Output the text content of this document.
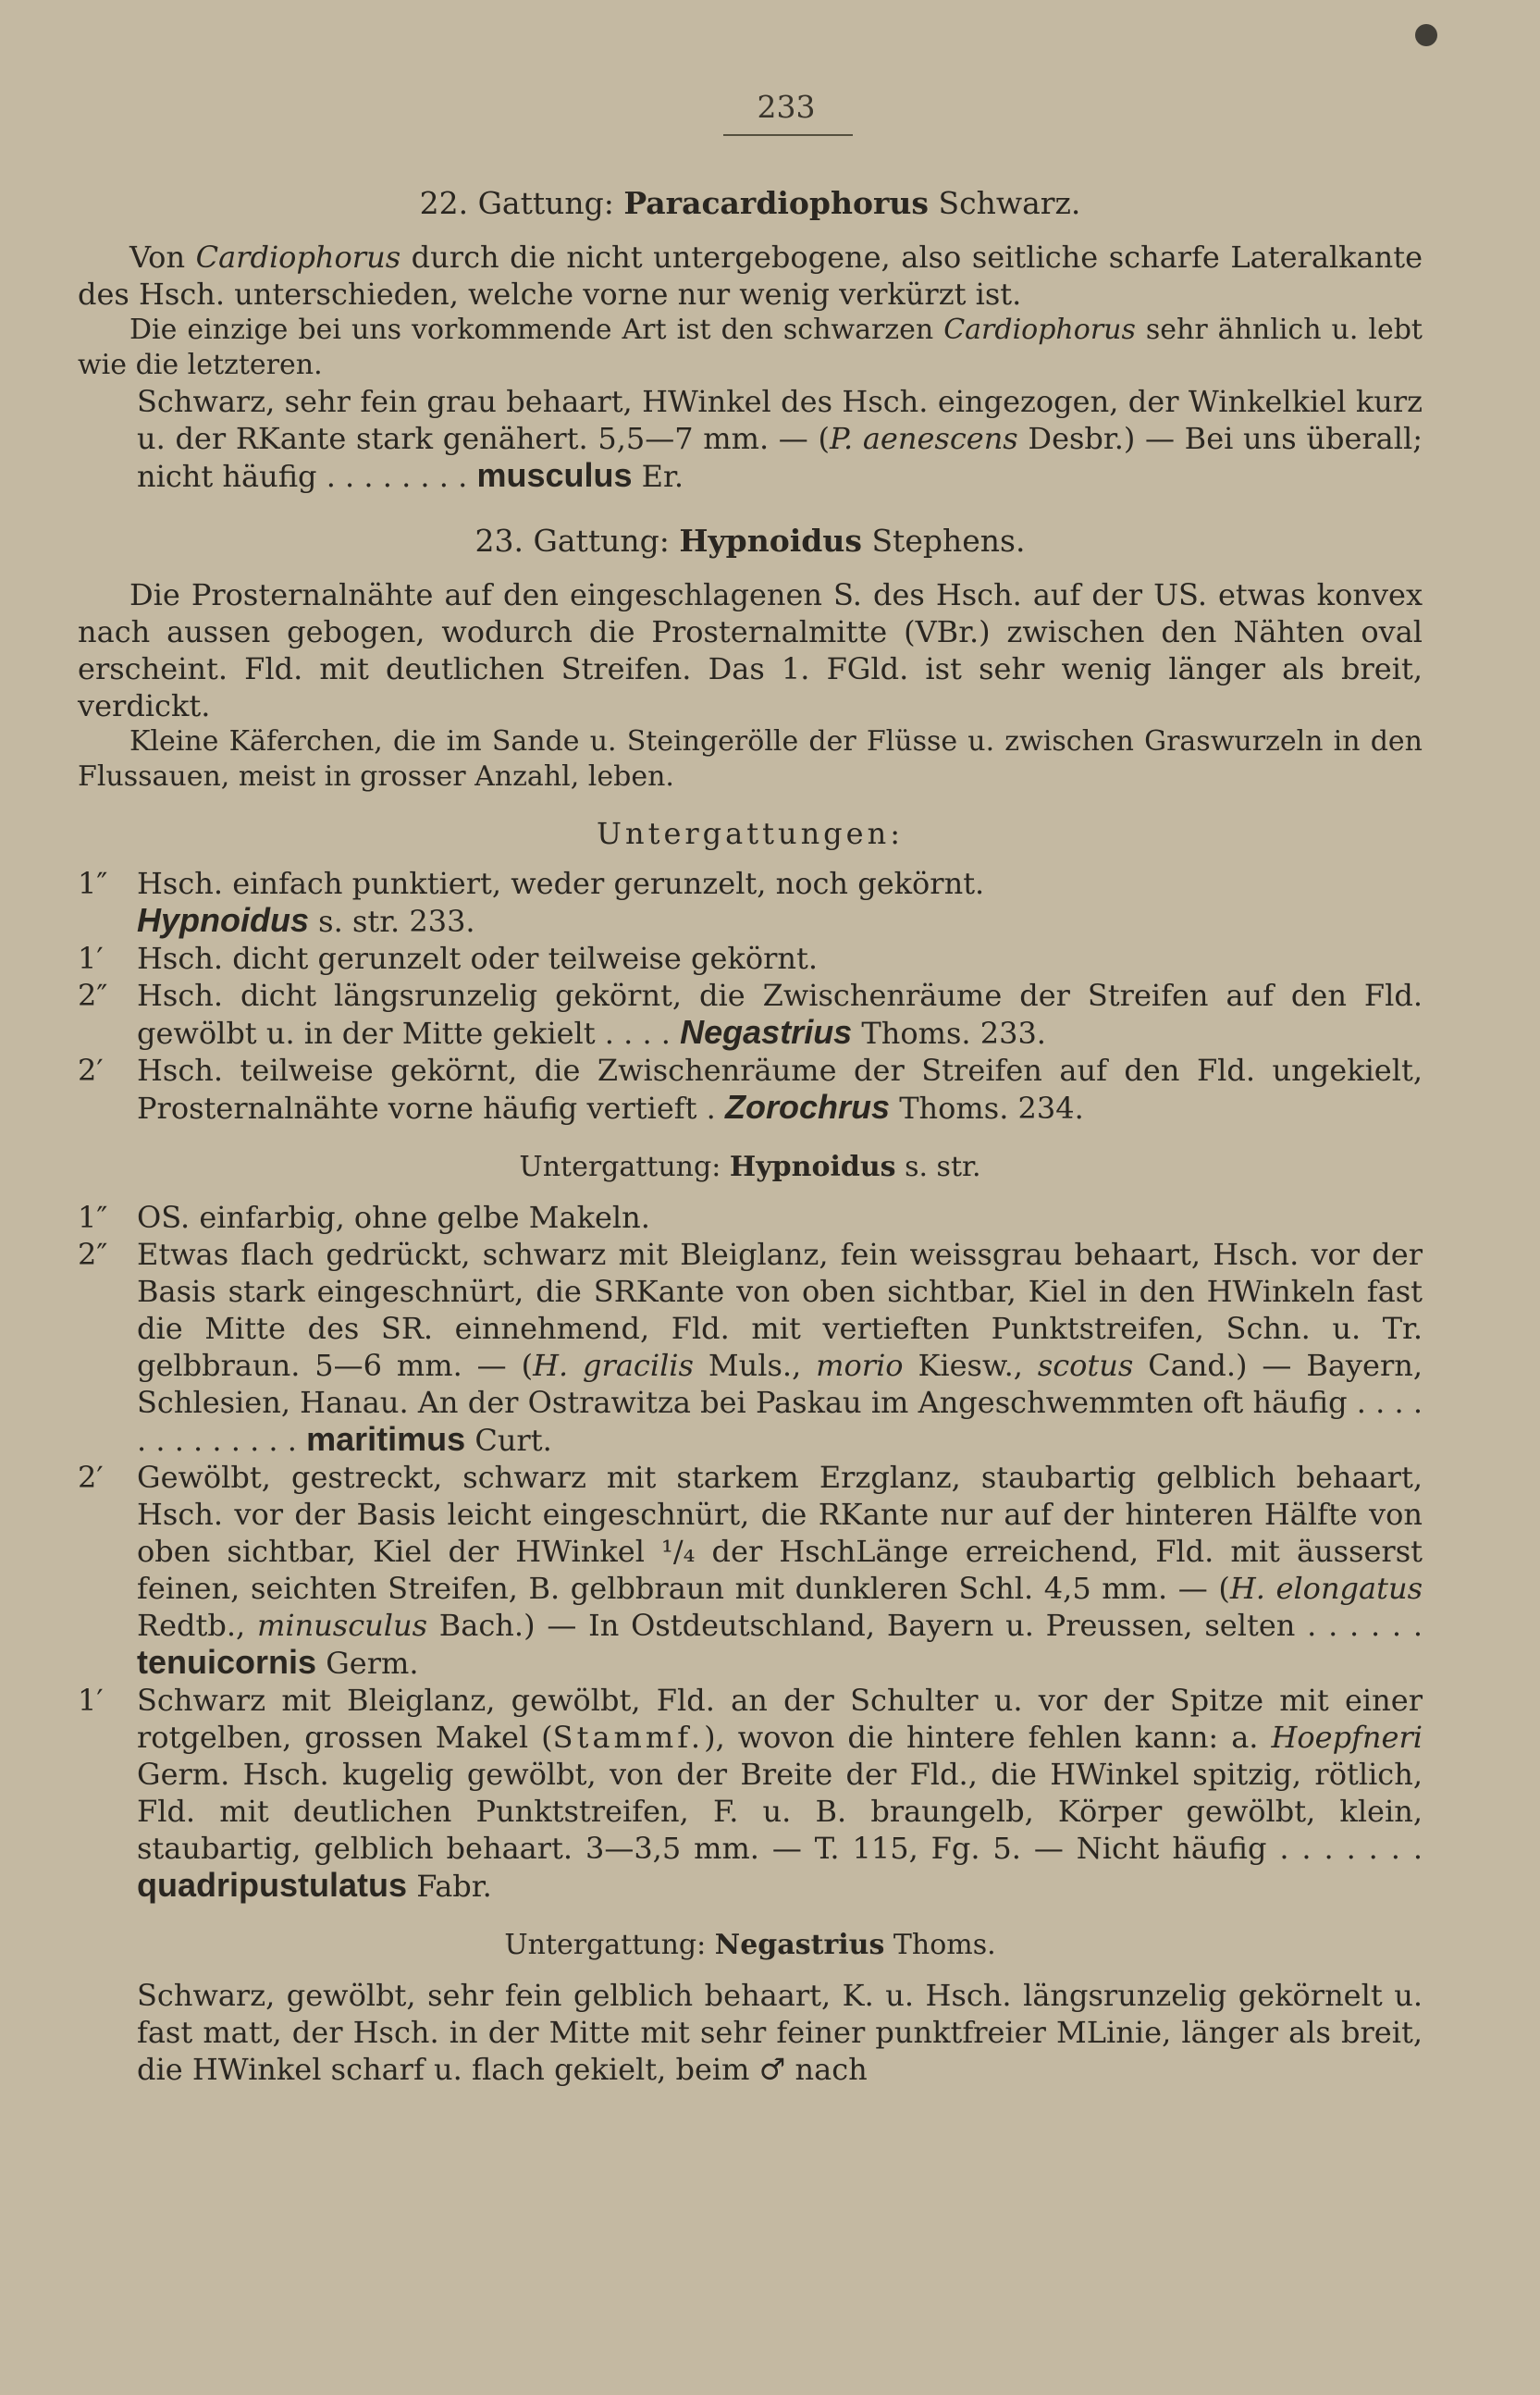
233

22. Gattung: Paracardiophorus Schwarz.

Von Cardiophorus durch die nicht untergebogene, also seitliche scharfe Lateralkante des Hsch. unterschieden, welche vorne nur wenig verkürzt ist.

Die einzige bei uns vorkommende Art ist den schwarzen Cardiophorus sehr ähnlich u. lebt wie die letzteren.

Schwarz, sehr fein grau behaart, HWinkel des Hsch. eingezogen, der Winkelkiel kurz u. der RKante stark genähert. 5,5—7 mm. — (P. aenescens Desbr.) — Bei uns überall; nicht häufig . . . . . . . . musculus Er.

23. Gattung: Hypnoidus Stephens.

Die Prosternalnähte auf den eingeschlagenen S. des Hsch. auf der US. etwas konvex nach aussen gebogen, wodurch die Prosternalmitte (VBr.) zwischen den Nähten oval erscheint. Fld. mit deutlichen Streifen. Das 1. FGld. ist sehr wenig länger als breit, verdickt.

Kleine Käferchen, die im Sande u. Steingerölle der Flüsse u. zwischen Graswurzeln in den Flussauen, meist in grosser Anzahl, leben.

Untergattungen:

1″ Hsch. einfach punktiert, weder gerunzelt, noch gekörnt.
Hypnoidus s. str. 233.
1′	Hsch. dicht gerunzelt oder teilweise gekörnt.
2″ Hsch. dicht längsrunzelig gekörnt, die Zwischenräume der Streifen auf den Fld. gewölbt u. in der Mitte gekielt . . . . Negastrius Thoms. 233.
2′	Hsch. teilweise gekörnt, die Zwischenräume der Streifen auf den Fld. ungekielt, Prosternalnähte vorne häufig vertieft . Zorochrus Thoms. 234.

Untergattung: Hypnoidus s. str.

1″ OS. einfarbig, ohne gelbe Makeln.
2″ Etwas flach gedrückt, schwarz mit Bleiglanz, fein weissgrau behaart, Hsch. vor der Basis stark eingeschnürt, die SRKante von oben sichtbar, Kiel in den HWinkeln fast die Mitte des SR. einnehmend, Fld. mit vertieften Punktstreifen, Schn. u. Tr. gelbbraun. 5—6 mm. — (H. gracilis Muls., morio Kiesw., scotus Cand.) — Bayern, Schlesien, Hanau. An der Ostrawitza bei Paskau im Angeschwemmten oft häufig . . . . . . . . . . . . . maritimus Curt.
2′	Gewölbt, gestreckt, schwarz mit starkem Erzglanz, staubartig gelblich behaart, Hsch. vor der Basis leicht eingeschnürt, die RKante nur auf der hinteren Hälfte von oben sichtbar, Kiel der HWinkel ¹/₄ der HschLänge erreichend, Fld. mit äusserst feinen, seichten Streifen, B. gelbbraun mit dunkleren Schl. 4,5 mm. — (H. elongatus Redtb., minusculus Bach.) — In Ostdeutschland, Bayern u. Preussen, selten . . . . . . tenuicornis Germ.
1′	Schwarz mit Bleiglanz, gewölbt, Fld. an der Schulter u. vor der Spitze mit einer rotgelben, grossen Makel (Stammf.), wovon die hintere fehlen kann: a. Hoepfneri Germ. Hsch. kugelig gewölbt, von der Breite der Fld., die HWinkel spitzig, rötlich, Fld. mit deutlichen Punktstreifen, F. u. B. braungelb, Körper gewölbt, klein, staubartig, gelblich behaart. 3—3,5 mm. — T. 115, Fg. 5. — Nicht häufig . . . . . . . quadripustulatus Fabr.

Untergattung: Negastrius Thoms.

Schwarz, gewölbt, sehr fein gelblich behaart, K. u. Hsch. längsrunzelig gekörnelt u. fast matt, der Hsch. in der Mitte mit sehr feiner punktfreier MLinie, länger als breit, die HWinkel scharf u. flach gekielt, beim ♂ nach
